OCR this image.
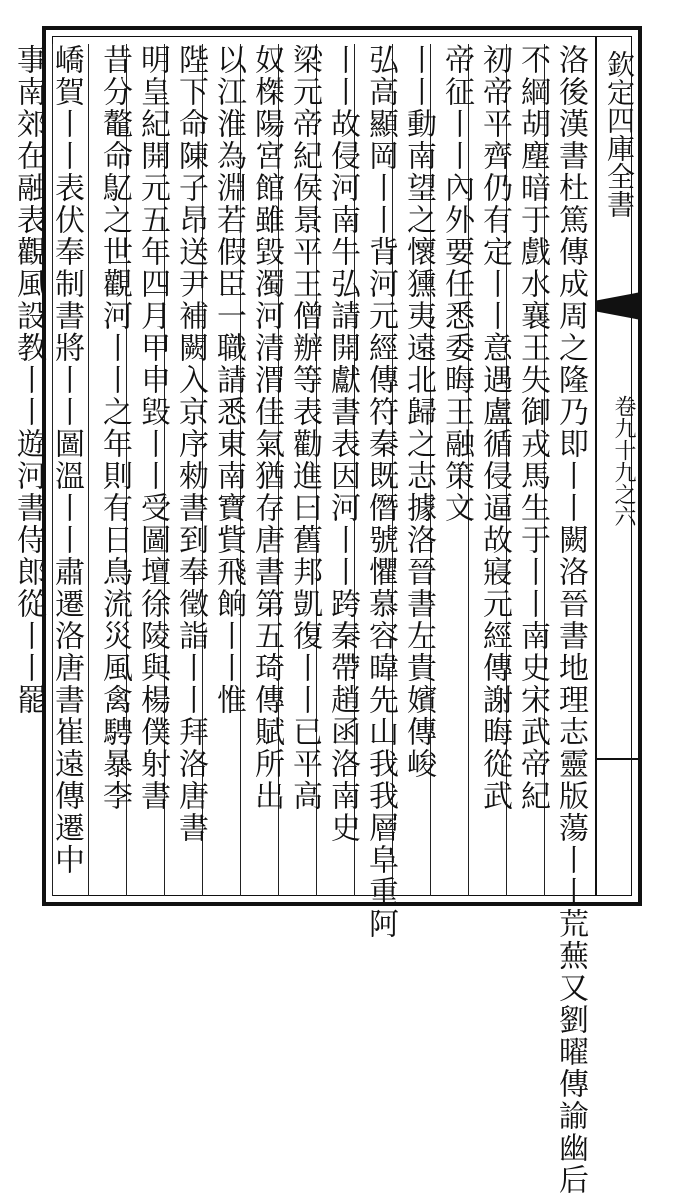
欽定四庫全書
卷九十九之六
洛後漢書杜篤傳成周之隆乃即丨丨闕洛晉書地理志靈版蕩丨丨荒蕪又劉曜傳諭幽后
不綱胡塵暗于戲水襄王失御戎馬生于丨丨南史宋武帝紀
初帝平齊仍有定丨丨意遇盧循侵逼故寢元經傳謝晦從武
帝征丨丨內外要任悉委晦王融策文
丨丨動南望之懷獯夷遠北歸之志據洛晉書左貴嬪傳峻
弘高顯岡丨丨背河元經傳符秦既僭號懼慕容暐先山我我層阜重阿
丨丨故侵河南牛弘請開獻書表因河丨丨跨秦帶趙函洛南史
梁元帝紀侯景平王僧辦等表勸進曰舊邦凱復丨丨已平高
奴榤陽宮館雖毀濁河清渭佳氣猶存唐書第五琦傳賦所出
以江淮為淵若假臣一職請悉東南寶貲飛餉丨丨惟
陛下命陳子昂送尹補闕入京序勑書到奉徵詣丨丨拜洛唐書
明皇紀開元五年四月甲申毀丨丨受圖壇徐陵與楊僕射書
昔分鼇命鳦之世觀河丨丨之年則有日鳥流災風禽騁暴李
嶠賀丨丨表伏奉制書將丨丨圖溫丨丨肅遷洛唐書崔遠傳遷中
事南郊在融表觀風設教丨丨遊河書侍郎從丨丨罷
